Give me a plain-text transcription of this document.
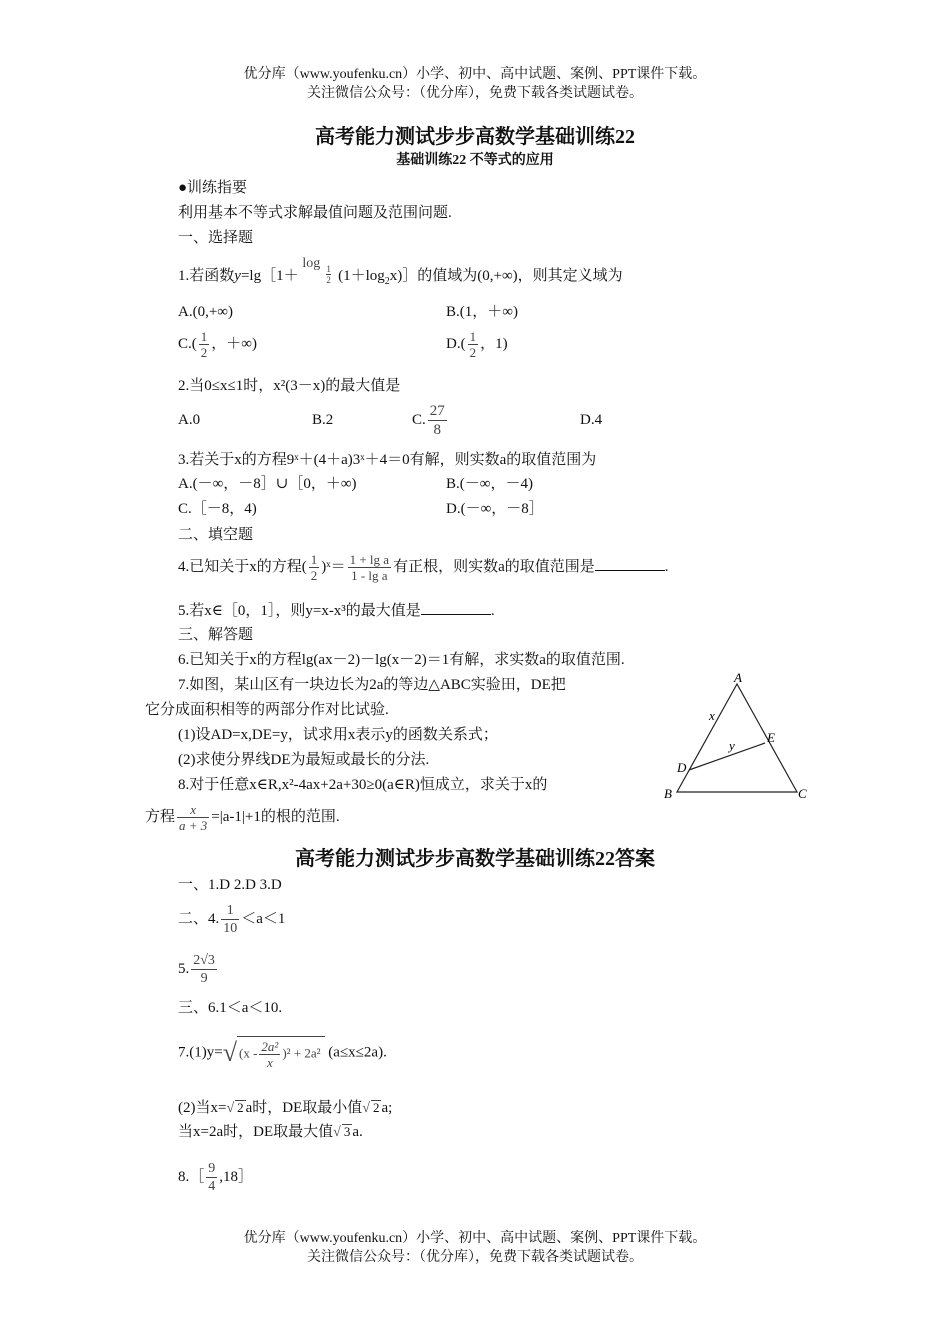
优分库（www.youfenku.cn）小学、初中、高中试题、案例、PPT课件下载。
关注微信公众号：（优分库），免费下载各类试题试卷。
高考能力测试步步高数学基础训练22
基础训练22 不等式的应用
●训练指要
利用基本不等式求解最值问题及范围问题.
一、选择题
1.若函数y=lg［1＋
log 1
2 $(1+\log_2x)]$的值域为(0,+∞)，则其定义域为
A.(0,+∞)	B.(1，＋∞)
$C.( \frac{1}{2}$ ，＋∞)	$D.( \frac{1}{2}$ ，1)
2.当0≤x≤1时，x²(3－x)的最大值是
A.0	B.2	C. $\frac{27}{8}$	D.4
3.若关于x的方程9ˣ＋(4＋a)3ˣ＋4＝0有解，则实数a的取值范围为
A.(－∞，－8］∪［0，＋∞)	B.(－∞，－4)
C.［－8，4)	D.(－∞，－8］
二、填空题
4.已知关于x的方程( $\frac{1}{2}$ )ˣ＝ $\frac{\text{1 + lg a}}{\text{1 - lg a}}$ 有正根，则实数a的取值范围是	.
5.若x∈［0，1］，则y=x-x³的最大值是	.
三、解答题
6.已知关于x的方程lg(ax－2)－lg(x－2)＝1有解，求实数a的取值范围.
7.如图，某山区有一块边长为2a的等边△ABC实验田，DE把
它分成面积相等的两部分作对比试验.
(1)设AD=x,DE=y，试求用x表示y的函数关系式；
(2)求使分界线DE为最短或最长的分法.
8.对于任意x∈R,x²-4ax+2a+30≥0(a∈R)恒成立，求关于x的
方程 $\frac{x}{a + 3} =|a-1|+1$的根的范围.
A
B	C
D
E
x
y
高考能力测试步步高数学基础训练22答案
一、1.D 2.D 3.D
二、4. $\frac{1}{10} <a<1$
5. $\frac{2√3}{9}$
三、6.1＜a＜10.
7.(1)y=√ $(x - \frac{\text{2a²}}{x} )^2 + 2a^2$ (a≤x≤2a).
(2)当x=√ 2 a时，DE取最小值√ 2 a;
当x=2a时，DE取最大值√ 3 a.
8.［ $\frac{9}{4}$ ,18］
优分库（www.youfenku.cn）小学、初中、高中试题、案例、PPT课件下载。
关注微信公众号：（优分库），免费下载各类试题试卷。
